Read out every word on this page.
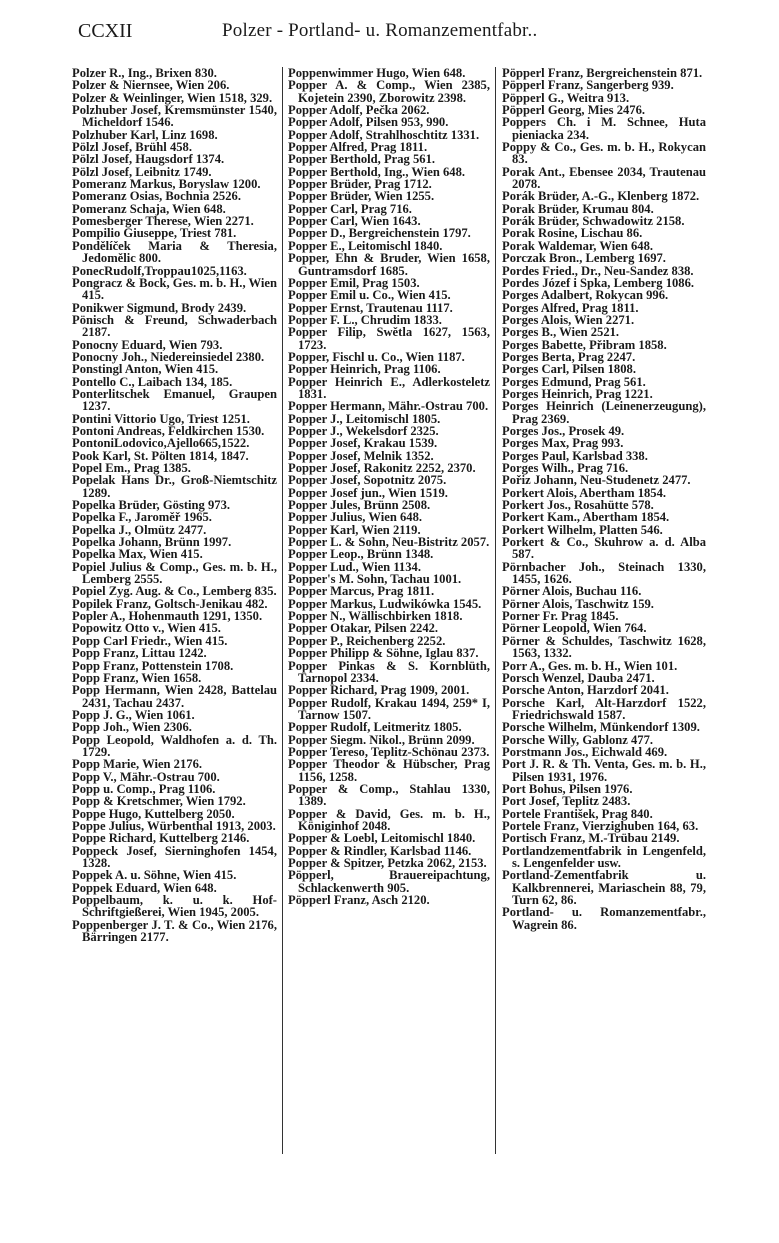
CCXII	Polzer - Portland- u. Romanzementfabr..
Polzer R., Ing., Brixen 830.
Polzer & Niernsee, Wien 206.
Polzer & Weinlinger, Wien 1518, 329.
Polzhuber Josef, Kremsmünster 1540, Micheldorf 1546.
Polzhuber Karl, Linz 1698.
Pölzl Josef, Brühl 458.
Pölzl Josef, Haugsdorf 1374.
Pölzl Josef, Leibnitz 1749.
Pomeranz Markus, Boryslaw 1200.
Pomeranz Osias, Bochnia 2526.
Pomeranz Schaja, Wien 648.
Pomesberger Therese, Wien 2271.
Pompilio Giuseppe, Triest 781.
Pondělíček Maria & Theresia, Jedomělic 800.
PonecRudolf,Troppau1025,1163.
Pongracz & Bock, Ges. m. b. H., Wien 415.
Ponikwer Sigmund, Brody 2439.
Pönisch & Freund, Schwaderbach 2187.
Ponocny Eduard, Wien 793.
Ponocny Joh., Niedereinsiedel 2380.
Ponstingl Anton, Wien 415.
Pontello C., Laibach 134, 185.
Ponterlitschek Emanuel, Graupen 1237.
Pontini Vittorio Ugo, Triest 1251.
Pontoni Andreas, Feldkirchen 1530.
PontoniLodovico,Ajello665,1522.
Pook Karl, St. Pölten 1814, 1847.
Popel Em., Prag 1385.
Popelak Hans Dr., Groß-Niemtschitz 1289.
Popelka Brüder, Gösting 973.
Popelka F., Jaroměř 1965.
Popelka J., Olmütz 2477.
Popelka Johann, Brünn 1997.
Popelka Max, Wien 415.
Popiel Julius & Comp., Ges. m. b. H., Lemberg 2555.
Popiel Zyg. Aug. & Co., Lemberg 835.
Popilek Franz, Goltsch-Jenikau 482.
Popler A., Hohenmauth 1291, 1350.
Popowitz Otto v., Wien 415.
Popp Carl Friedr., Wien 415.
Popp Franz, Littau 1242.
Popp Franz, Pottenstein 1708.
Popp Franz, Wien 1658.
Popp Hermann, Wien 2428, Battelau 2431, Tachau 2437.
Popp J. G., Wien 1061.
Popp Joh., Wien 2306.
Popp Leopold, Waldhofen a. d. Th. 1729.
Popp Marie, Wien 2176.
Popp V., Mähr.-Ostrau 700.
Popp u. Comp., Prag 1106.
Popp & Kretschmer, Wien 1792.
Poppe Hugo, Kuttelberg 2050.
Poppe Julius, Würbenthal 1913, 2003.
Poppe Richard, Kuttelberg 2146.
Poppeck Josef, Sierninghofen 1454, 1328.
Poppek A. u. Söhne, Wien 415.
Poppek Eduard, Wien 648.
Poppelbaum, k. u. k. Hof-Schriftgießerei, Wien 1945, 2005.
Poppenberger J. T. & Co., Wien 2176, Bärringen 2177.
Poppenwimmer Hugo, Wien 648.
Popper A. & Comp., Wien 2385, Kojetein 2390, Zborowitz 2398.
Popper Adolf, Pečka 2062.
Popper Adolf, Pilsen 953, 990.
Popper Adolf, Strahlhoschtitz 1331.
Popper Alfred, Prag 1811.
Popper Berthold, Prag 561.
Popper Berthold, Ing., Wien 648.
Popper Brüder, Prag 1712.
Popper Brüder, Wien 1255.
Popper Carl, Prag 716.
Popper Carl, Wien 1643.
Popper D., Bergreichenstein 1797.
Popper E., Leitomischl 1840.
Popper, Ehn & Bruder, Wien 1658, Guntramsdorf 1685.
Popper Emil, Prag 1503.
Popper Emil u. Co., Wien 415.
Popper Ernst, Trautenau 1117.
Popper F. L., Chrudim 1833.
Popper Filip, Swětla 1627, 1563, 1723.
Popper, Fischl u. Co., Wien 1187.
Popper Heinrich, Prag 1106.
Popper Heinrich E., Adlerkosteletz 1831.
Popper Hermann, Mähr.-Ostrau 700.
Popper J., Leitomischl 1805.
Popper J., Wekelsdorf 2325.
Popper Josef, Krakau 1539.
Popper Josef, Melnik 1352.
Popper Josef, Rakonitz 2252, 2370.
Popper Josef, Sopotnitz 2075.
Popper Josef jun., Wien 1519.
Popper Jules, Brünn 2508.
Popper Julius, Wien 648.
Popper Karl, Wien 2119.
Popper L. & Sohn, Neu-Bistritz 2057.
Popper Leop., Brünn 1348.
Popper Lud., Wien 1134.
Popper's M. Sohn, Tachau 1001.
Popper Marcus, Prag 1811.
Popper Markus, Ludwikówka 1545.
Popper N., Wällischbirken 1818.
Popper Otakar, Pilsen 2242.
Popper P., Reichenberg 2252.
Popper Philipp & Söhne, Iglau 837.
Popper Pinkas & S. Kornblüth, Tarnopol 2334.
Popper Richard, Prag 1909, 2001.
Popper Rudolf, Krakau 1494, 259* I, Tarnow 1507.
Popper Rudolf, Leitmeritz 1805.
Popper Siegm. Nikol., Brünn 2099.
Popper Tereso, Teplitz-Schönau 2373.
Popper Theodor & Hübscher, Prag 1156, 1258.
Popper & Comp., Stahlau 1330, 1389.
Popper & David, Ges. m. b. H., Königinhof 2048.
Popper & Loebl, Leitomischl 1840.
Popper & Rindler, Karlsbad 1146.
Popper & Spitzer, Petzka 2062, 2153.
Pöpperl, Brauereipachtung, Schlackenwerth 905.
Pöpperl Franz, Asch 2120.
Pöpperl Franz, Bergreichenstein 871.
Pöpperl Franz, Sangerberg 939.
Pöpperl G., Weitra 913.
Pöpperl Georg, Mies 2476.
Poppers Ch. i M. Schnee, Huta pieniacka 234.
Poppy & Co., Ges. m. b. H., Rokycan 83.
Porak Ant., Ebensee 2034, Trautenau 2078.
Porák Brüder, A.-G., Klenberg 1872.
Porak Brüder, Krumau 804.
Porák Brüder, Schwadowitz 2158.
Porak Rosine, Lischau 86.
Porak Waldemar, Wien 648.
Porczak Bron., Lemberg 1697.
Pordes Fried., Dr., Neu-Sandez 838.
Pordes Józef i Spka, Lemberg 1086.
Porges Adalbert, Rokycan 996.
Porges Alfred, Prag 1811.
Porges Alois, Wien 2271.
Porges B., Wien 2521.
Porges Babette, Přibram 1858.
Porges Berta, Prag 2247.
Porges Carl, Pilsen 1808.
Porges Edmund, Prag 561.
Porges Heinrich, Prag 1221.
Porges Heinrich (Leinenerzeugung), Prag 2369.
Porges Jos., Prosek 49.
Porges Max, Prag 993.
Porges Paul, Karlsbad 338.
Porges Wilh., Prag 716.
Pořiz Johann, Neu-Studenetz 2477.
Porkert Alois, Abertham 1854.
Porkert Jos., Rosahütte 578.
Porkert Kam., Abertham 1854.
Porkert Wilhelm, Platten 546.
Porkert & Co., Skuhrow a. d. Alba 587.
Pörnbacher Joh., Steinach 1330, 1455, 1626.
Pörner Alois, Buchau 116.
Pörner Alois, Taschwitz 159.
Porner Fr. Prag 1845.
Pörner Leopold, Wien 764.
Pörner & Schuldes, Taschwitz 1628, 1563, 1332.
Porr A., Ges. m. b. H., Wien 101.
Porsch Wenzel, Dauba 2471.
Porsche Anton, Harzdorf 2041.
Porsche Karl, Alt-Harzdorf 1522, Friedrichswald 1587.
Porsche Wilhelm, Münkendorf 1309.
Porsche Willy, Gablonz 477.
Porstmann Jos., Eichwald 469.
Port J. R. & Th. Venta, Ges. m. b. H., Pilsen 1931, 1976.
Port Bohus, Pilsen 1976.
Port Josef, Teplitz 2483.
Portele František, Prag 840.
Portele Franz, Vierzighuben 164, 63.
Portisch Franz, M.-Trübau 2149.
Portlandzementfabrik in Lengenfeld, s. Lengenfelder usw.
Portland-Zementfabrik u. Kalkbrennerei, Mariaschein 88, 79, Turn 62, 86.
Portland- u. Romanzementfabr., Wagrein 86.
